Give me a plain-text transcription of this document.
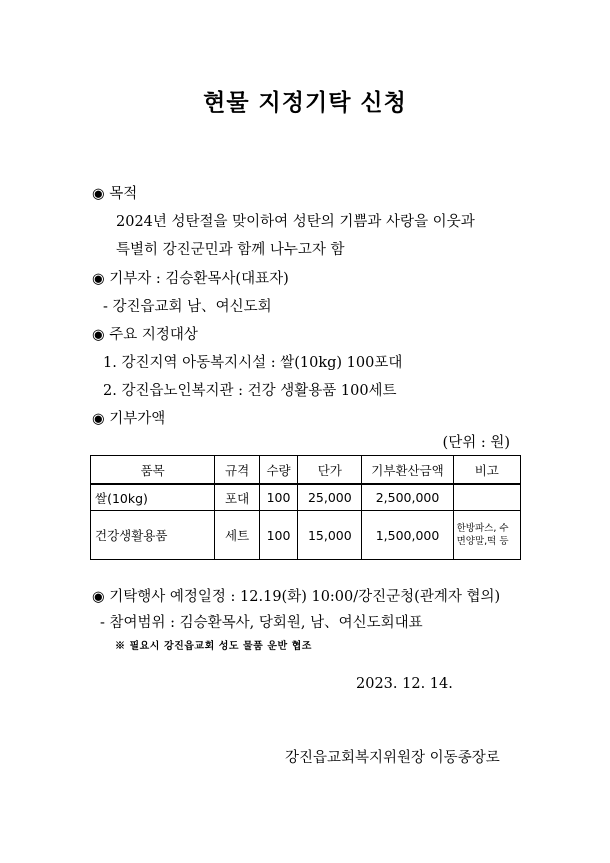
현물 지정기탁 신청
◉ 목적
2024년 성탄절을 맞이하여 성탄의 기쁨과 사랑을 이웃과
특별히 강진군민과 함께 나누고자 함
◉ 기부자 : 김승환목사(대표자)
- 강진읍교회 남、여신도회
◉ 주요 지정대상
1. 강진지역 아동복지시설 : 쌀(10kg) 100포대
2. 강진읍노인복지관 : 건강 생활용품 100세트
◉ 기부가액
(단위 : 원)
품목	규격	수량	단가	기부환산금액	비고
쌀(10kg)	포대	100	25,000	2,500,000	
건강생활용품	세트	100	15,000	1,500,000	한방파스, 수면양말,떡 등
◉ 기탁행사 예정일정 : 12.19(화) 10:00/강진군청(관계자 협의)
- 참여범위 : 김승환목사, 당회원, 남、여신도회대표
※ 필요시 강진읍교회 성도 물품 운반 협조
2023. 12. 14.
강진읍교회복지위원장 이동종장로
